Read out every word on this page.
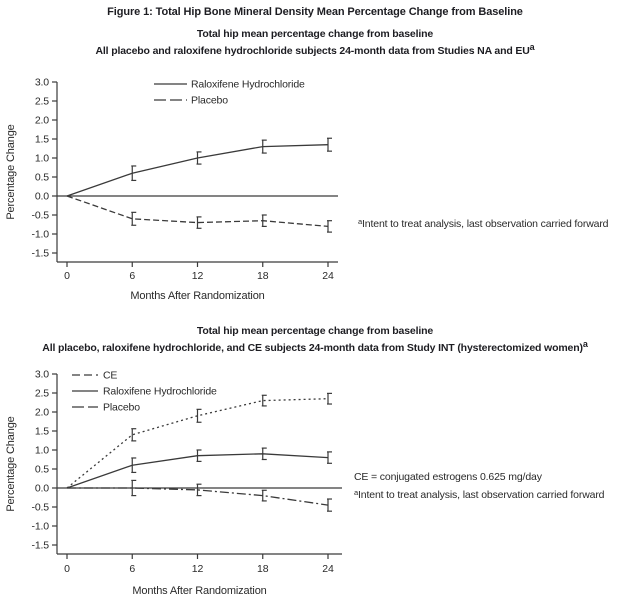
Figure 1: Total Hip Bone Mineral Density Mean Percentage Change from Baseline
Total hip mean percentage change from baseline
All placebo and raloxifene hydrochloride subjects 24-month data from Studies NA and $EU^a$
3.0
2.5
2.0
1.5
1.0
0.5
0.0
-0.5
-1.0
-1.5
0	6	12	18	24
Raloxifene Hydrochloride
Placebo
Percentage Change
Months After Randomization
$^a$Intent to treat analysis, last observation carried forward
Total hip mean percentage change from baseline
All placebo, raloxifene hydrochloride, and CE subjects 24-month data from Study INT (hysterectomized women)$^a$
3.0
2.5
2.0
1.5
1.0
0.5
0.0
-0.5
-1.0
-1.5
0	6	12	18	24
CE
Raloxifene Hydrochloride
Placebo
Percentage Change
Months After Randomization
CE = conjugated estrogens 0.625 mg/day
$^a$Intent to treat analysis, last observation carried forward
